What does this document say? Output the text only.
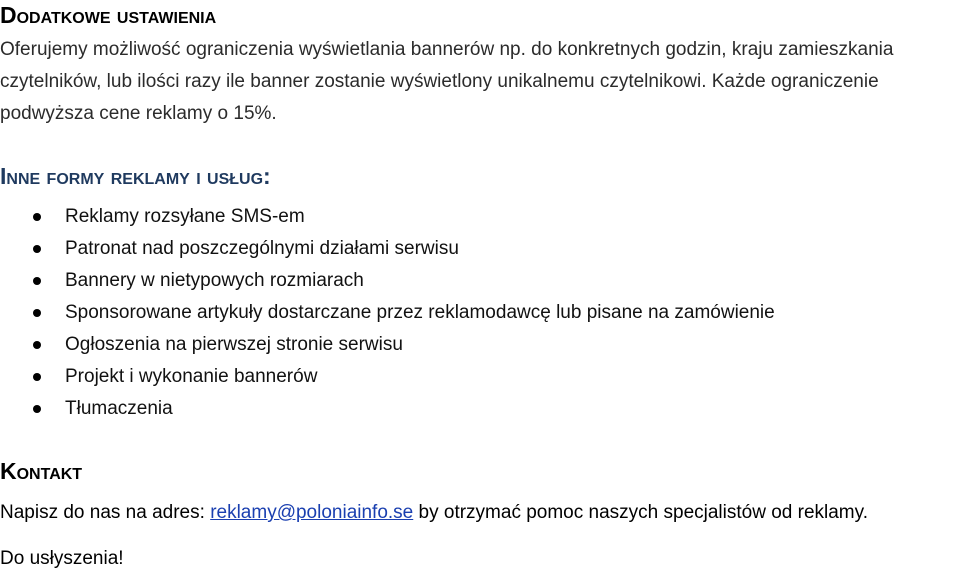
Dodatkowe ustawienia

Oferujemy możliwość ograniczenia wyświetlania bannerów np. do konkretnych godzin, kraju zamieszkania czytelników, lub ilości razy ile banner zostanie wyświetlony unikalnemu czytelnikowi. Każde ograniczenie podwyższa cene reklamy o 15%.

Inne formy reklamy i usług:
Reklamy rozsyłane SMS-em
Patronat nad poszczególnymi działami serwisu
Bannery w nietypowych rozmiarach
Sponsorowane artykuły dostarczane przez reklamodawcę lub pisane na zamówienie
Ogłoszenia na pierwszej stronie serwisu
Projekt i wykonanie bannerów
Tłumaczenia
Kontakt

Napisz do nas na adres: reklamy@poloniainfo.se by otrzymać pomoc naszych specjalistów od reklamy.

Do usłyszenia!
